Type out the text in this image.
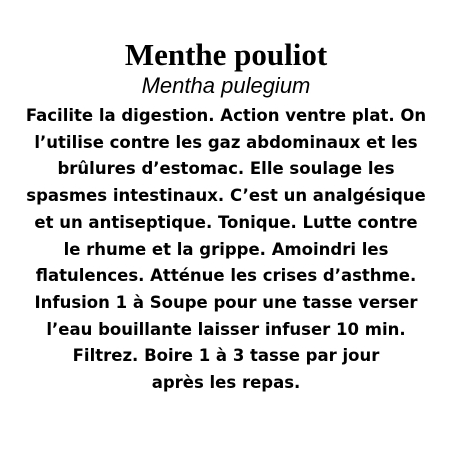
Menthe pouliot
Mentha pulegium
Facilite la digestion. Action ventre plat. On
l’utilise contre les gaz abdominaux et les
brûlures d’estomac. Elle soulage les
spasmes intestinaux. C’est un analgésique
et un antiseptique. Tonique. Lutte contre
le rhume et la grippe. Amoindri les
flatulences. Atténue les crises d’asthme.
Infusion 1 à Soupe pour une tasse verser
l’eau bouillante laisser infuser 10 min.
Filtrez. Boire 1 à 3 tasse par jour
après les repas.
